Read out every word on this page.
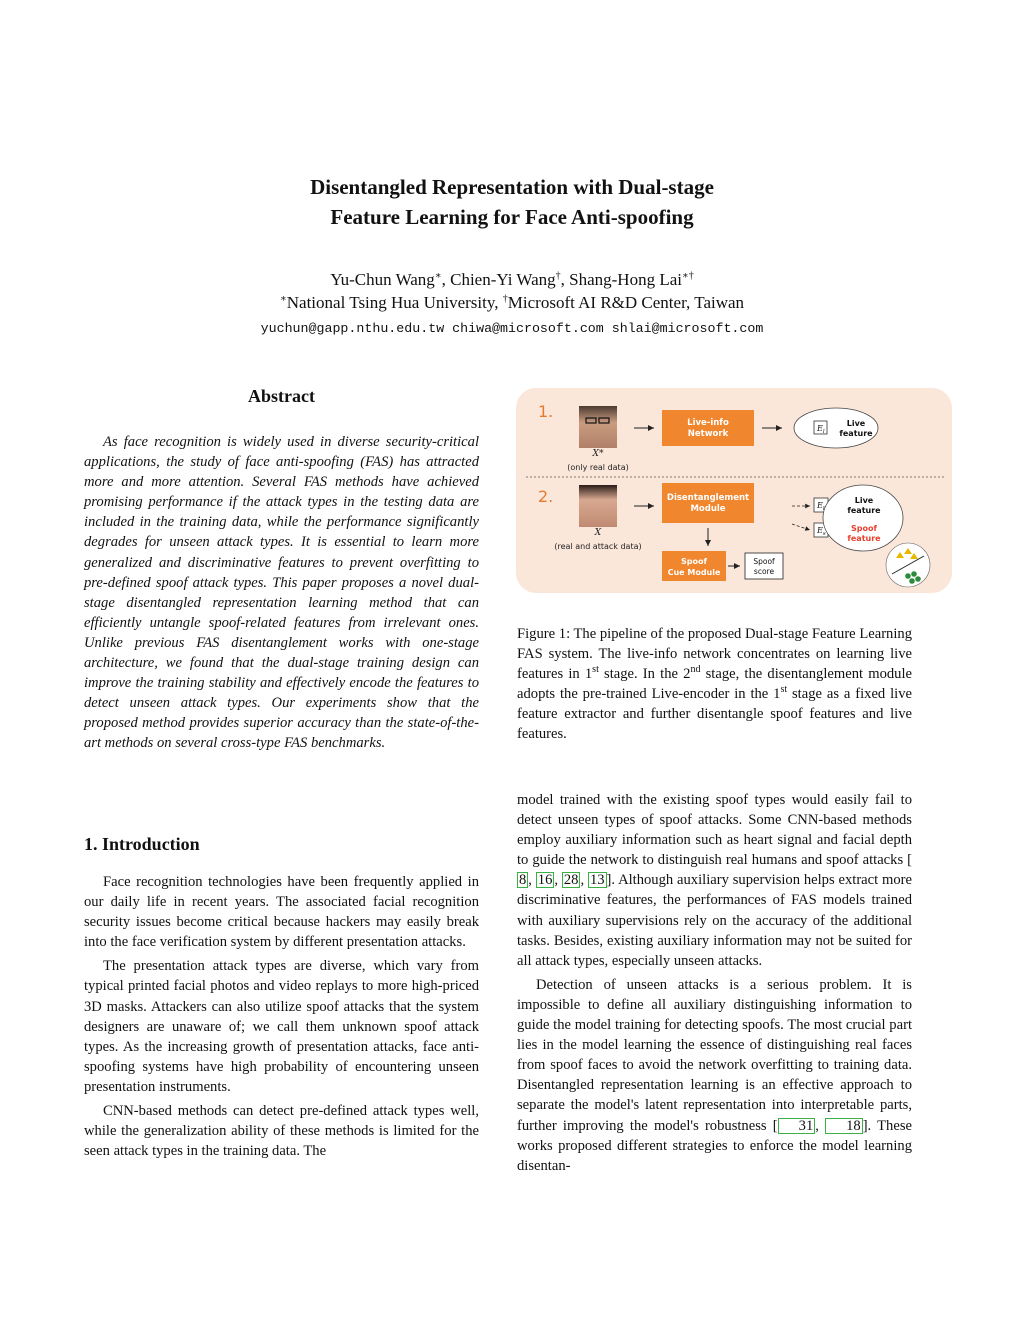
Disentangled Representation with Dual-stage
Feature Learning for Face Anti-spoofing
Yu-Chun Wang∗, Chien-Yi Wang†, Shang-Hong Lai∗†
∗National Tsing Hua University, †Microsoft AI R&D Center, Taiwan
yuchun@gapp.nthu.edu.tw chiwa@microsoft.com shlai@microsoft.com
Abstract

As face recognition is widely used in diverse security-critical applications, the study of face anti-spoofing (FAS) has attracted more and more attention. Several FAS methods have achieved promising performance if the attack types in the testing data are included in the training data, while the performance significantly degrades for unseen attack types. It is essential to learn more generalized and discriminative features to prevent overfitting to pre-defined spoof attack types. This paper proposes a novel dual-stage disentangled representation learning method that can efficiently untangle spoof-related features from irrelevant ones. Unlike previous FAS disentanglement works with one-stage architecture, we found that the dual-stage training design can improve the training stability and effectively encode the features to detect unseen attack types. Our experiments show that the proposed method provides superior accuracy than the state-of-the-art methods on several cross-type FAS benchmarks.

1. Introduction

Face recognition technologies have been frequently applied in our daily life in recent years. The associated facial recognition security issues become critical because hackers may easily break into the face verification system by different presentation attacks.

The presentation attack types are diverse, which vary from typical printed facial photos and video replays to more high-priced 3D masks. Attackers can also utilize spoof attacks that the system designers are unaware of; we call them unknown spoof attack types. As the increasing growth of presentation attacks, face anti-spoofing systems have high probability of encountering unseen presentation instruments.

CNN-based methods can detect pre-defined attack types well, while the generalization ability of these methods is limited for the seen attack types in the training data. The

1.
X*
(only real data)
Live-info Network
$E_l$
Live feature
2.
X
(real and attack data)
Disentanglement Module
Spoof Cue Module
Spoof score
$E_l$
$E_s$
Live feature
Spoof feature
Figure 1: The pipeline of the proposed Dual-stage Feature Learning FAS system. The live-info network concentrates on learning live features in 1st stage. In the 2nd stage, the disentanglement module adopts the pre-trained Live-encoder in the 1st stage as a fixed live feature extractor and further disentangle spoof features and live features.

model trained with the existing spoof types would easily fail to detect unseen types of spoof attacks. Some CNN-based methods employ auxiliary information such as heart signal and facial depth to guide the network to distinguish real humans and spoof attacks [8 , 16 , 28 , 13 ]. Although auxiliary supervision helps extract more discriminative features, the performances of FAS models trained with auxiliary supervisions rely on the accuracy of the additional tasks. Besides, existing auxiliary information may not be suited for all attack types, especially unseen attacks.

Detection of unseen attacks is a serious problem. It is impossible to define all auxiliary distinguishing information to guide the model training for detecting spoofs. The most crucial part lies in the model learning the essence of distinguishing real faces from spoof faces to avoid the network overfitting to training data. Disentangled representation learning is an effective approach to separate the model's latent representation into interpretable parts, further improving the model's robustness [ 31 , 18 ]. These works proposed different strategies to enforce the model learning disentan-
